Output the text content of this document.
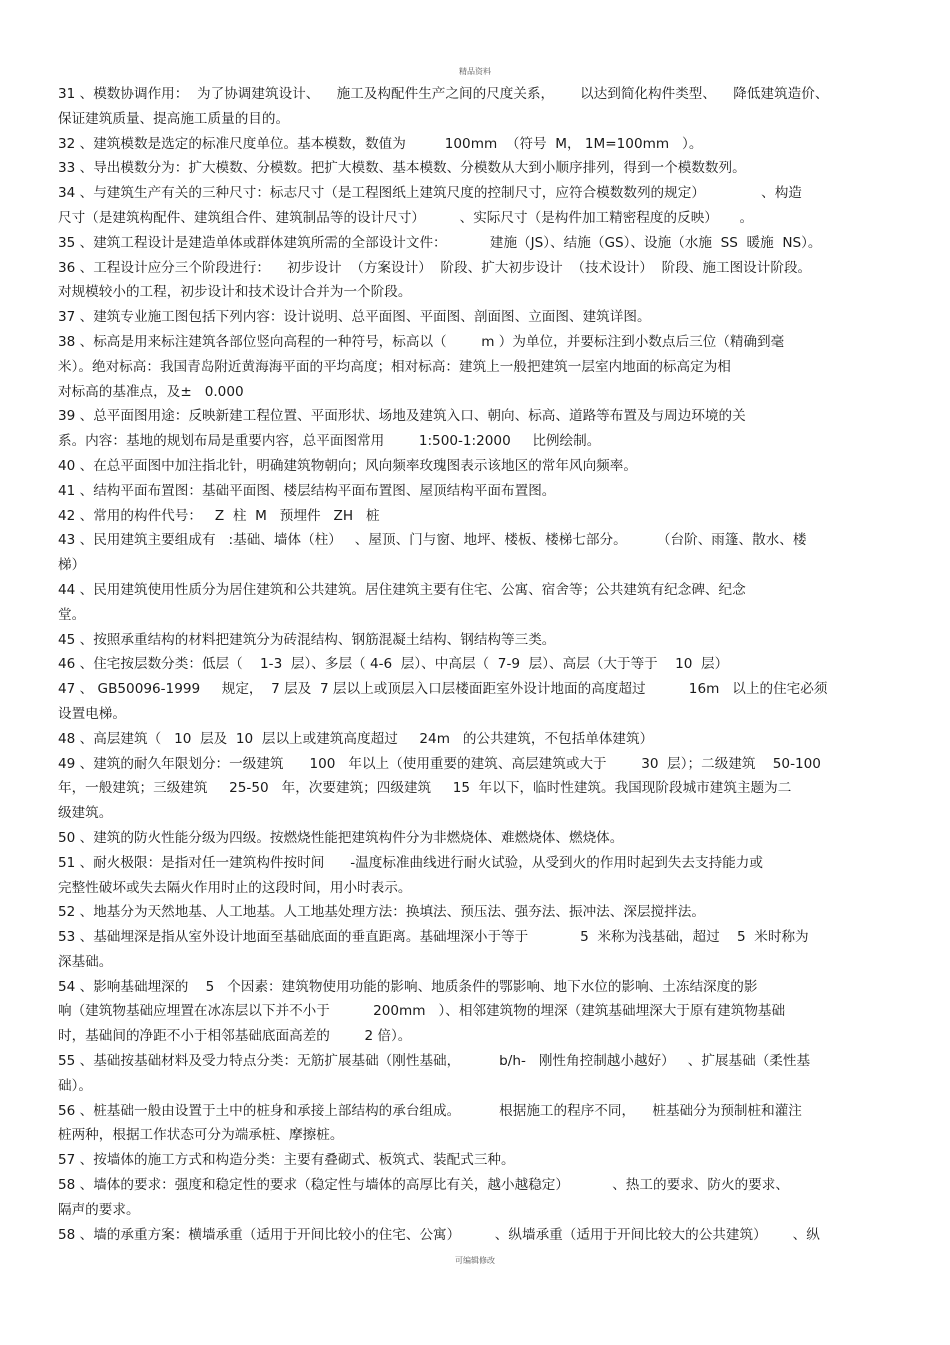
精品资料
31 、模数协调作用：  为了协调建筑设计、    施工及构配件生产之间的尺度关系，      以达到简化构件类型、    降低建筑造价、
保证建筑质量、提高施工质量的目的。
32 、建筑模数是选定的标准尺度单位。基本模数，数值为         100mm  （符号  M， 1M=100mm   ）。
33 、导出模数分为：扩大模数、分模数。把扩大模数、基本模数、分模数从大到小顺序排列，得到一个模数数列。
34 、与建筑生产有关的三种尺寸：标志尺寸（是工程图纸上建筑尺度的控制尺寸，应符合模数数列的规定）             、构造
尺寸（是建筑构配件、建筑组合件、建筑制品等的设计尺寸）        、实际尺寸（是构件加工精密程度的反映）     。
35 、建筑工程设计是建造单体或群体建筑所需的全部设计文件：          建施（JS）、结施（GS）、设施（水施  SS  暖施  NS）。
36 、工程设计应分三个阶段进行：    初步设计  （方案设计）  阶段、扩大初步设计  （技术设计）  阶段、施工图设计阶段。
对规模较小的工程，初步设计和技术设计合并为一个阶段。
37 、建筑专业施工图包括下列内容：设计说明、总平面图、平面图、剖面图、立面图、建筑详图。
38 、标高是用来标注建筑各部位竖向高程的一种符号，标高以（        m ）为单位，并要标注到小数点后三位（精确到毫
米）。绝对标高：我国青岛附近黄海海平面的平均高度；相对标高：建筑上一般把建筑一层室内地面的标高定为相
对标高的基准点，及±   0.000
39 、总平面图用途：反映新建工程位置、平面形状、场地及建筑入口、朝向、标高、道路等布置及与周边环境的关
系。内容：基地的规划布局是重要内容，总平面图常用        1:500-1:2000     比例绘制。
40 、在总平面图中加注指北针，明确建筑物朝向；风向频率玫瑰图表示该地区的常年风向频率。
41 、结构平面布置图：基础平面图、楼层结构平面布置图、屋顶结构平面布置图。
42 、常用的构件代号：   Z  柱  M   预埋件   ZH   桩
43 、民用建筑主要组成有   :基础、墙体（柱）   、屋顶、门与窗、地坪、楼板、楼梯七部分。       （台阶、雨篷、散水、楼
梯）
44 、民用建筑使用性质分为居住建筑和公共建筑。居住建筑主要有住宅、公寓、宿舍等；公共建筑有纪念碑、纪念
堂。
45 、按照承重结构的材料把建筑分为砖混结构、钢筋混凝土结构、钢结构等三类。
46 、住宅按层数分类：低层（    1-3  层）、多层（ 4-6  层）、中高层（  7-9  层）、高层（大于等于    10  层）
47 、 GB50096-1999     规定，  7 层及  7 层以上或顶层入口层楼面距室外设计地面的高度超过          16m   以上的住宅必须
设置电梯。
48 、高层建筑（   10  层及  10  层以上或建筑高度超过     24m   的公共建筑，不包括单体建筑）
49 、建筑的耐久年限划分：一级建筑      100   年以上（使用重要的建筑、高层建筑或大于        30  层）；二级建筑    50-100
年，一般建筑；三级建筑     25-50   年，次要建筑；四级建筑     15  年以下，临时性建筑。我国现阶段城市建筑主题为二
级建筑。
50 、建筑的防火性能分级为四级。按燃烧性能把建筑构件分为非燃烧体、难燃烧体、燃烧体。
51 、耐火极限：是指对任一建筑构件按时间      -温度标准曲线进行耐火试验，从受到火的作用时起到失去支持能力或
完整性破坏或失去隔火作用时止的这段时间，用小时表示。
52 、地基分为天然地基、人工地基。人工地基处理方法：换填法、预压法、强夯法、振冲法、深层搅拌法。
53 、基础埋深是指从室外设计地面至基础底面的垂直距离。基础埋深小于等于            5  米称为浅基础，超过    5  米时称为
深基础。
54 、影响基础埋深的    5   个因素：建筑物使用功能的影响、地质条件的鄂影响、地下水位的影响、土冻结深度的影
响（建筑物基础应埋置在冰冻层以下并不小于          200mm   ）、相邻建筑物的埋深（建筑基础埋深大于原有建筑物基础
时，基础间的净距不小于相邻基础底面高差的        2 倍）。
55 、基础按基础材料及受力特点分类：无筋扩展基础（刚性基础，         b/h-   刚性角控制越小越好）   、扩展基础（柔性基
础）。
56 、桩基础一般由设置于土中的桩身和承接上部结构的承台组成。         根据施工的程序不同，    桩基础分为预制桩和灌注
桩两种，根据工作状态可分为端承桩、摩擦桩。
57 、按墙体的施工方式和构造分类：主要有叠砌式、板筑式、装配式三种。
58 、墙体的要求：强度和稳定性的要求（稳定性与墙体的高厚比有关，越小越稳定）          、热工的要求、防火的要求、
隔声的要求。
58 、墙的承重方案：横墙承重（适用于开间比较小的住宅、公寓）        、纵墙承重（适用于开间比较大的公共建筑）      、纵
可编辑修改
